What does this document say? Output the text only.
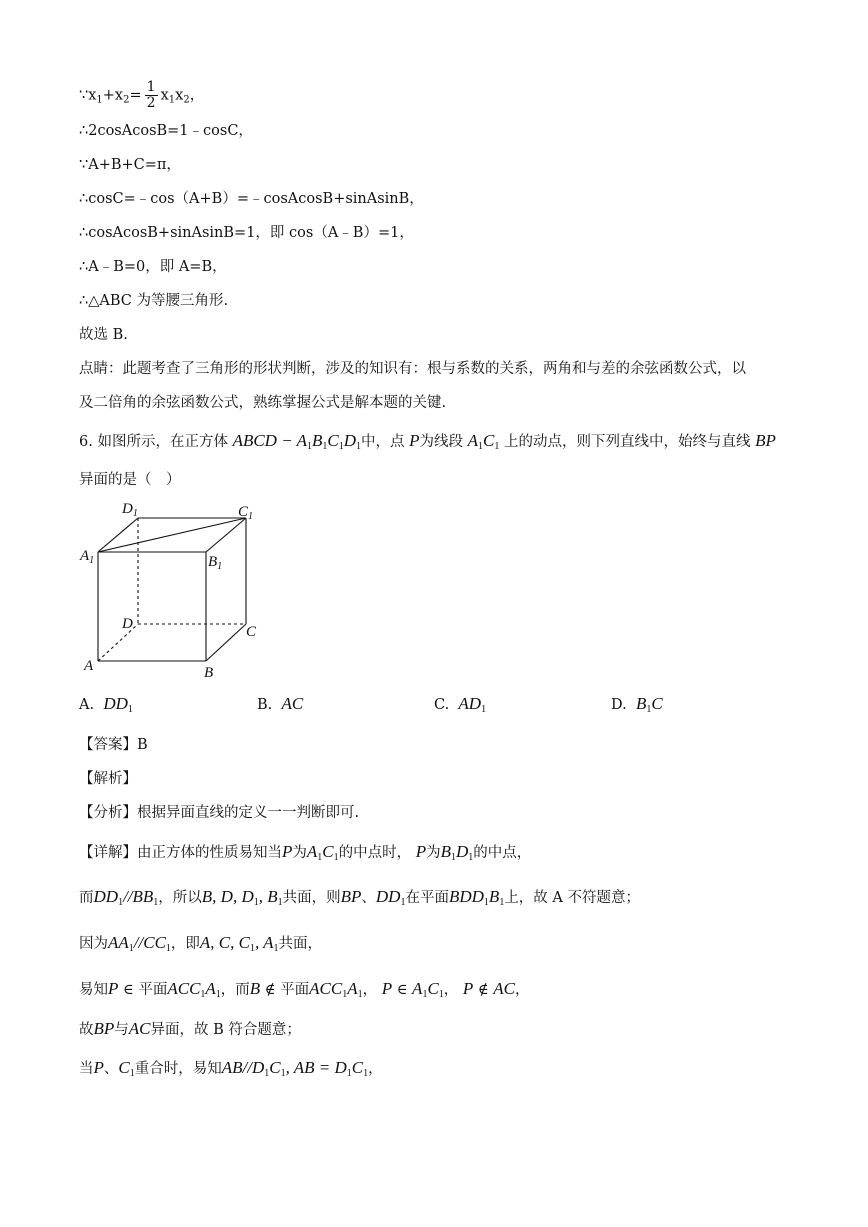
$\because x_1+x_2= \frac{1}{2} x_1x_2$，
∴2cosAcosB=1﹣cosC，
∵A+B+C=π，
∴cosC=﹣cos（A+B）=﹣cosAcosB+sinAsinB，
∴cosAcosB+sinAsinB=1，即 cos（A﹣B）=1，
∴A﹣B=0，即 A=B，
∴△ABC 为等腰三角形.
故选 B.
点睛：此题考查了三角形的形状判断，涉及的知识有：根与系数的关系，两角和与差的余弦函数公式，以
及二倍角的余弦函数公式，熟练掌握公式是解本题的关键.
6. 如图所示，在正方体 ABCD − $A_1B_1C_1D_1$中，点 P为线段 $A_1C_1$ 上的动点，则下列直线中，始终与直线 BP
异面的是（　）
$D_1$	$C_1$
$A_1$	$B_1$
D	C
A	B
A. $DD_1$	B. AC	C. $AD_1$	D. $B_1C$
【答案】B
【解析】
【分析】根据异面直线的定义一一判断即可.
【详解】由正方体的性质易知当P为$A_1C_1$的中点时， P为$B_1D_1$的中点，
而$DD_1//BB_1$，所以B, D, $D_1$, $B_1$共面，则BP、$DD_1$在平面$BDD_1B_1$上，故 A 不符题意；
因为$AA_1//CC_1$，即A, C, $C_1$, $A_1$共面，
易知P ∈ 平面$ACC_1A_1$，而B ∉ 平面$ACC_1A_1$， P ∈ $A_1C_1$， P ∉ AC，
故BP与AC异面，故 B 符合题意；
当P、$C_1$重合时，易知$AB//D_1C_1$, AB = $D_1C_1$，
